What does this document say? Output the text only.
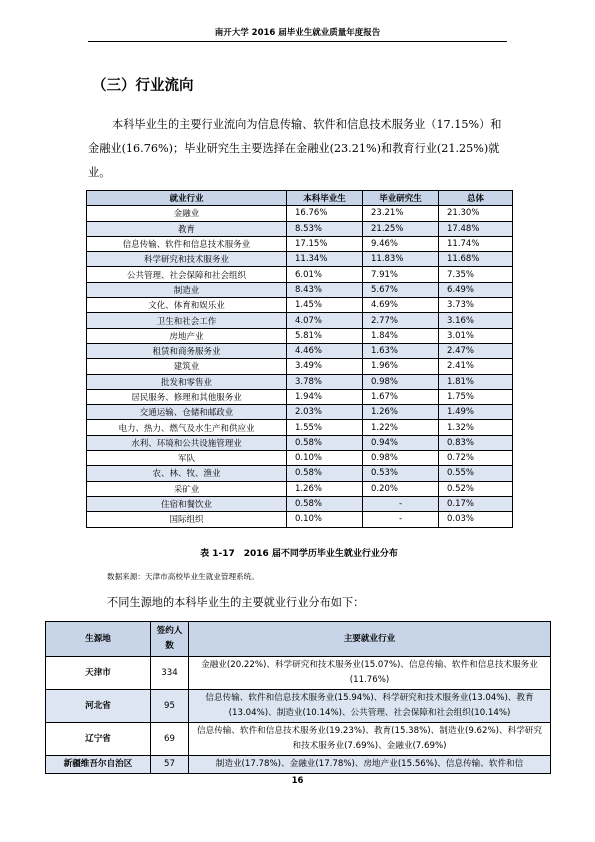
南开大学 2016 届毕业生就业质量年度报告
（三）行业流向
本科毕业生的主要行业流向为信息传输、软件和信息技术服务业（17.15%）和金融业(16.76%)；毕业研究生主要选择在金融业(23.21%)和教育行业(21.25%)就业。
就业行业	本科毕业生	毕业研究生	总体
金融业	16.76%	23.21%	21.30%
教育	8.53%	21.25%	17.48%
信息传输、软件和信息技术服务业	17.15%	9.46%	11.74%
科学研究和技术服务业	11.34%	11.83%	11.68%
公共管理、社会保障和社会组织	6.01%	7.91%	7.35%
制造业	8.43%	5.67%	6.49%
文化、体育和娱乐业	1.45%	4.69%	3.73%
卫生和社会工作	4.07%	2.77%	3.16%
房地产业	5.81%	1.84%	3.01%
租赁和商务服务业	4.46%	1.63%	2.47%
建筑业	3.49%	1.96%	2.41%
批发和零售业	3.78%	0.98%	1.81%
居民服务、修理和其他服务业	1.94%	1.67%	1.75%
交通运输、仓储和邮政业	2.03%	1.26%	1.49%
电力、热力、燃气及水生产和供应业	1.55%	1.22%	1.32%
水利、环境和公共设施管理业	0.58%	0.94%	0.83%
军队	0.10%	0.98%	0.72%
农、林、牧、渔业	0.58%	0.53%	0.55%
采矿业	1.26%	0.20%	0.52%
住宿和餐饮业	0.58%	-	0.17%
国际组织	0.10%	-	0.03%
表 1-17　2016 届不同学历毕业生就业行业分布
数据来源：天津市高校毕业生就业管理系统。
不同生源地的本科毕业生的主要就业行业分布如下：
生源地	签约人数	主要就业行业
天津市	334	金融业(20.22%)、科学研究和技术服务业(15.07%)、信息传输、软件和信息技术服务业(11.76%)
河北省	95	信息传输、软件和信息技术服务业(15.94%)、科学研究和技术服务业(13.04%)、教育(13.04%)、制造业(10.14%)、公共管理、社会保障和社会组织(10.14%)
辽宁省	69	信息传输、软件和信息技术服务业(19.23%)、教育(15.38%)、制造业(9.62%)、科学研究和技术服务业(7.69%)、金融业(7.69%)
新疆维吾尔自治区	57	制造业(17.78%)、金融业(17.78%)、房地产业(15.56%)、信息传输、软件和信
16
